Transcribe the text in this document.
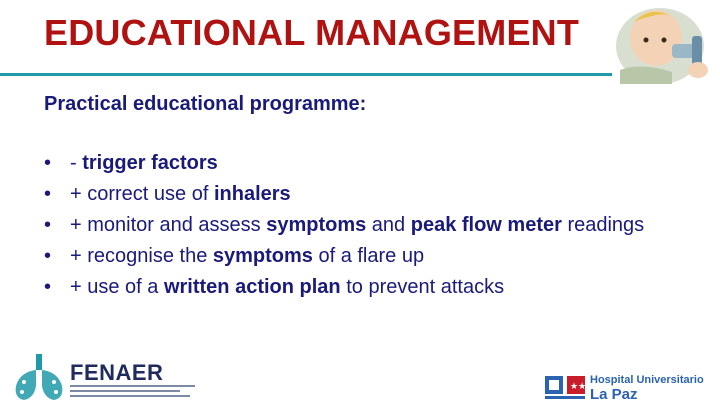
EDUCATIONAL MANAGEMENT
Practical educational programme:
• - trigger factors
• + correct use of inhalers
• + monitor and assess symptoms and peak flow meter readings
• + recognise the symptoms of a flare up
• + use of a written action plan to prevent attacks
FENAER
★★ Hospital Universitario
La Paz
